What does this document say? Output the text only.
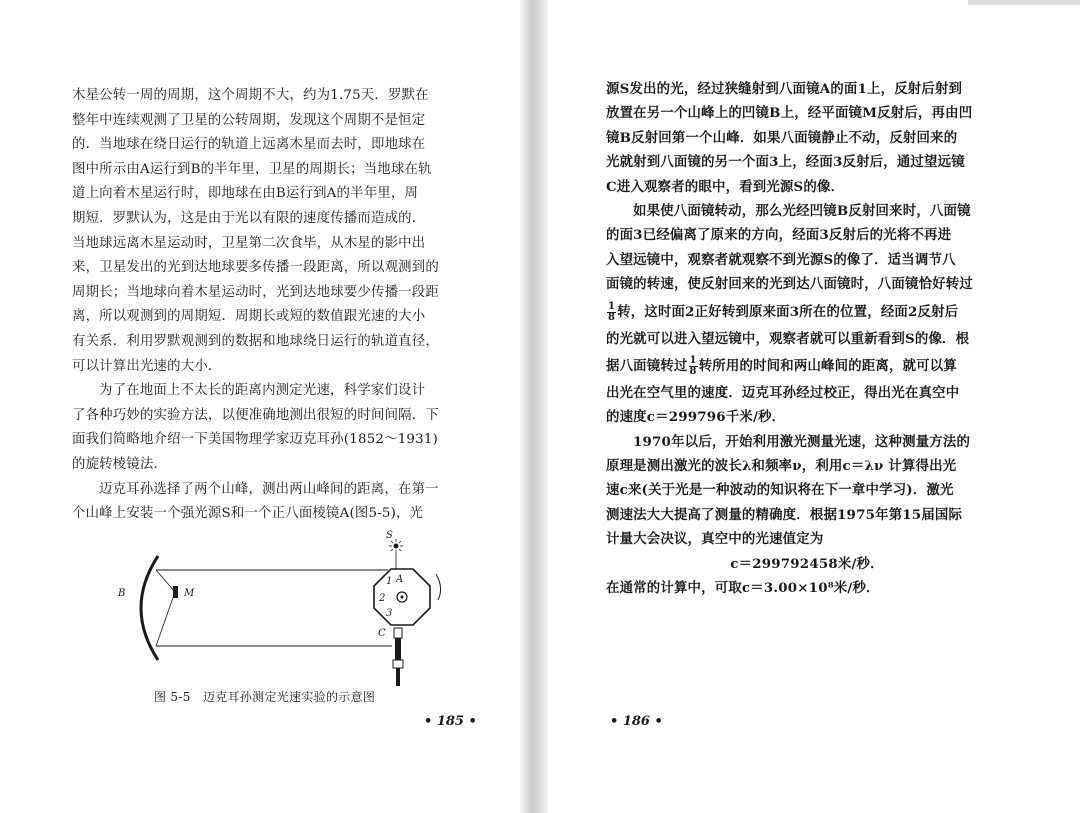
木星公转一周的周期，这个周期不大，约为1.75天．罗默在
整年中连续观测了卫星的公转周期，发现这个周期不是恒定
的．当地球在绕日运行的轨道上远离木星而去时，即地球在
图中所示由A运行到B的半年里，卫星的周期长；当地球在轨
道上向着木星运行时，即地球在由B运行到A的半年里，周
期短．罗默认为，这是由于光以有限的速度传播而造成的．
当地球远离木星运动时，卫星第二次食毕，从木星的影中出
来，卫星发出的光到达地球要多传播一段距离，所以观测到的
周期长；当地球向着木星运动时，光到达地球要少传播一段距
离，所以观测到的周期短．周期长或短的数值跟光速的大小
有关系．利用罗默观测到的数据和地球绕日运行的轨道直径，
可以计算出光速的大小．
为了在地面上不太长的距离内测定光速，科学家们设计
了各种巧妙的实验方法，以便准确地测出很短的时间间隔．下
面我们简略地介绍一下美国物理学家迈克耳孙(1852～1931)
的旋转棱镜法．
迈克耳孙选择了两个山峰，测出两山峰间的距离，在第一
个山峰上安装一个强光源S和一个正八面棱镜A(图5-5)，光
B	M
1 A
2
3
S
C
图 5-5　迈克耳孙测定光速实验的示意图
• 185 •
源S发出的光，经过狭缝射到八面镜A的面1上，反射后射到
放置在另一个山峰上的凹镜B上，经平面镜M反射后，再由凹
镜B反射回第一个山峰．如果八面镜静止不动，反射回来的
光就射到八面镜的另一个面3上，经面3反射后，通过望远镜
C进入观察者的眼中，看到光源S的像．
如果使八面镜转动，那么光经凹镜B反射回来时，八面镜
的面3已经偏离了原来的方向，经面3反射后的光将不再进
入望远镜中，观察者就观察不到光源S的像了．适当调节八
面镜的转速，使反射回来的光到达八面镜时，八面镜恰好转过
$\frac{1}{8}$ 转，这时面2正好转到原来面3所在的位置，经面2反射后
的光就可以进入望远镜中，观察者就可以重新看到S的像．根
据八面镜转过 $\frac{1}{8}$ 转所用的时间和两山峰间的距离，就可以算
出光在空气里的速度．迈克耳孙经过校正，得出光在真空中
的速度c＝299796千米/秒．
1970年以后，开始利用激光测量光速，这种测量方法的
原理是测出激光的波长λ和频率ν，利用c＝λν 计算得出光
速c来(关于光是一种波动的知识将在下一章中学习)．激光
测速法大大提高了测量的精确度．根据1975年第15届国际
计量大会决议，真空中的光速值定为
c＝299792458米/秒．
在通常的计算中，可取c＝3.00×10⁸米/秒．
• 186 •
